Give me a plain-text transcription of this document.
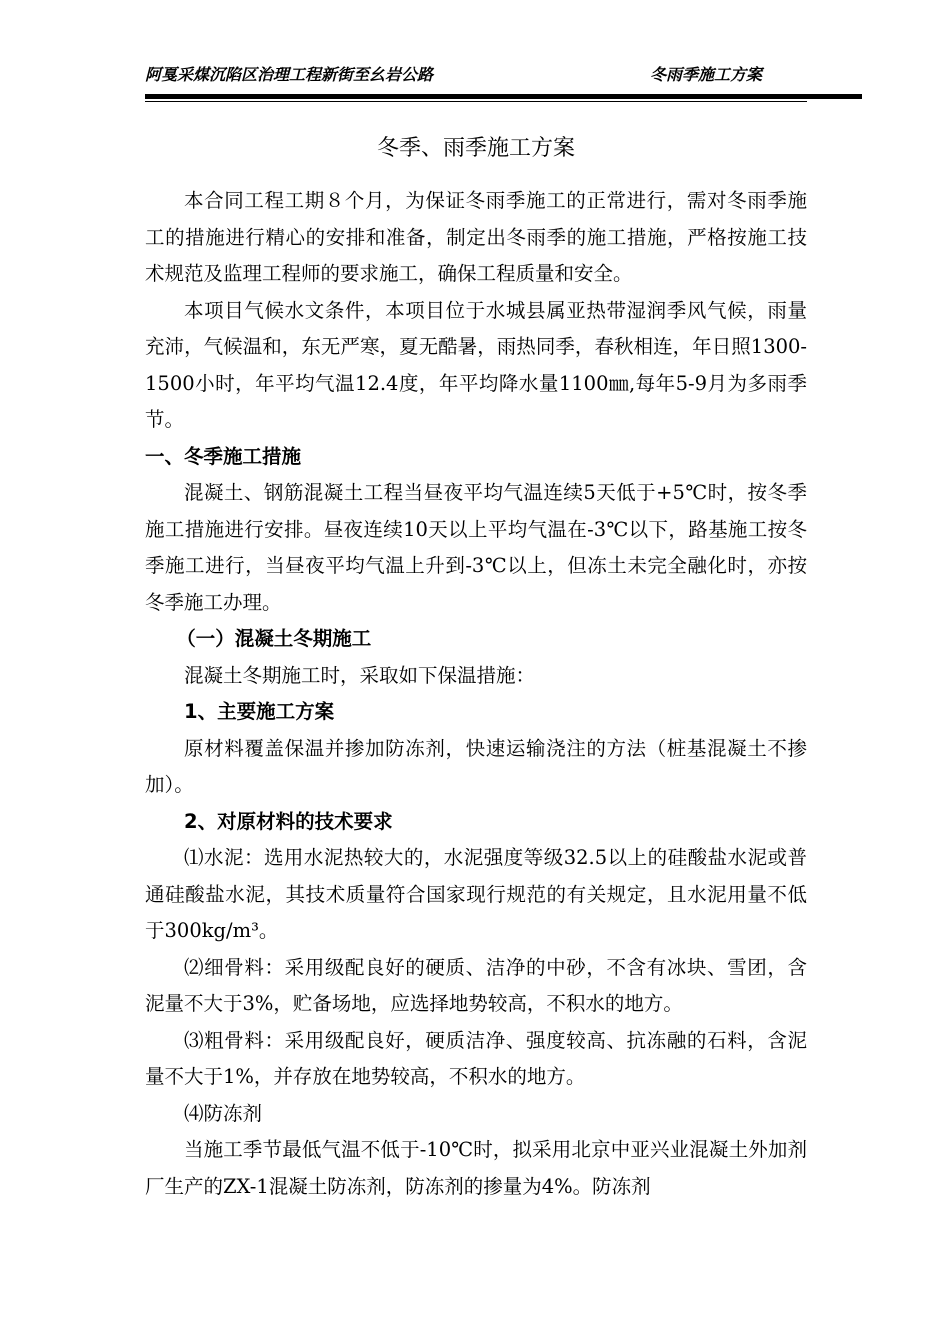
阿戛采煤沉陷区治理工程新街至幺岩公路	冬雨季施工方案
冬季、雨季施工方案

本合同工程工期８个月，为保证冬雨季施工的正常进行，需对冬雨季施工的措施进行精心的安排和准备，制定出冬雨季的施工措施，严格按施工技术规范及监理工程师的要求施工，确保工程质量和安全。

本项目气候水文条件，本项目位于水城县属亚热带湿润季风气候，雨量充沛，气候温和，东无严寒，夏无酷暑，雨热同季，春秋相连，年日照1300-1500小时，年平均气温12.4度，年平均降水量1100㎜,每年5-9月为多雨季节。

一、冬季施工措施

混凝土、钢筋混凝土工程当昼夜平均气温连续5天低于+5℃时，按冬季施工措施进行安排。昼夜连续10天以上平均气温在-3℃以下，路基施工按冬季施工进行，当昼夜平均气温上升到-3℃以上，但冻土未完全融化时，亦按冬季施工办理。

（一）混凝土冬期施工

混凝土冬期施工时，采取如下保温措施：

1、主要施工方案

原材料覆盖保温并掺加防冻剂，快速运输浇注的方法（桩基混凝土不掺加）。

2、对原材料的技术要求

⑴水泥：选用水泥热较大的，水泥强度等级32.5以上的硅酸盐水泥或普通硅酸盐水泥，其技术质量符合国家现行规范的有关规定，且水泥用量不低于300kg/m³。

⑵细骨料：采用级配良好的硬质、洁净的中砂，不含有冰块、雪团，含泥量不大于3%，贮备场地，应选择地势较高，不积水的地方。

⑶粗骨料：采用级配良好，硬质洁净、强度较高、抗冻融的石料，含泥量不大于1%，并存放在地势较高，不积水的地方。

⑷防冻剂

当施工季节最低气温不低于-10℃时，拟采用北京中亚兴业混凝土外加剂厂生产的ZX-1混凝土防冻剂，防冻剂的掺量为4%。防冻剂
